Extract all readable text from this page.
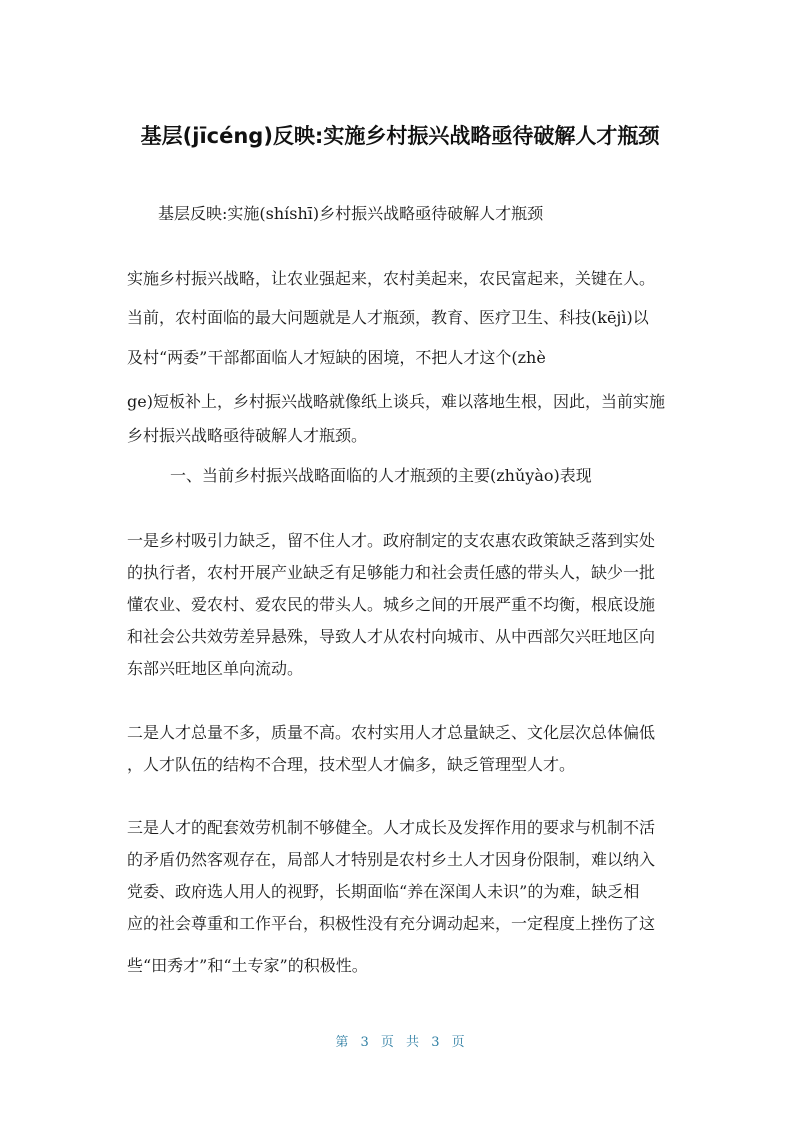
基层(jīcéng)反映:实施乡村振兴战略亟待破解人才瓶颈
基层反映:实施(shíshī)乡村振兴战略亟待破解人才瓶颈
实施乡村振兴战略，让农业强起来，农村美起来，农民富起来，关键在人。
当前，农村面临的最大问题就是人才瓶颈，教育、医疗卫生、科技(kējì)以
及村“两委”干部都面临人才短缺的困境，不把人才这个(zhè
ge)短板补上，乡村振兴战略就像纸上谈兵，难以落地生根，因此，当前实施
乡村振兴战略亟待破解人才瓶颈。
一、当前乡村振兴战略面临的人才瓶颈的主要(zhǔyào)表现
一是乡村吸引力缺乏，留不住人才。政府制定的支农惠农政策缺乏落到实处
的执行者，农村开展产业缺乏有足够能力和社会责任感的带头人，缺少一批
懂农业、爱农村、爱农民的带头人。城乡之间的开展严重不均衡，根底设施
和社会公共效劳差异悬殊，导致人才从农村向城市、从中西部欠兴旺地区向
东部兴旺地区单向流动。
二是人才总量不多，质量不高。农村实用人才总量缺乏、文化层次总体偏低
，人才队伍的结构不合理，技术型人才偏多，缺乏管理型人才。
三是人才的配套效劳机制不够健全。人才成长及发挥作用的要求与机制不活
的矛盾仍然客观存在，局部人才特别是农村乡土人才因身份限制，难以纳入
党委、政府选人用人的视野，长期面临“养在深闺人未识”的为难，缺乏相
应的社会尊重和工作平台，积极性没有充分调动起来，一定程度上挫伤了这
些“田秀才”和“土专家”的积极性。
第 3 页 共 3 页
